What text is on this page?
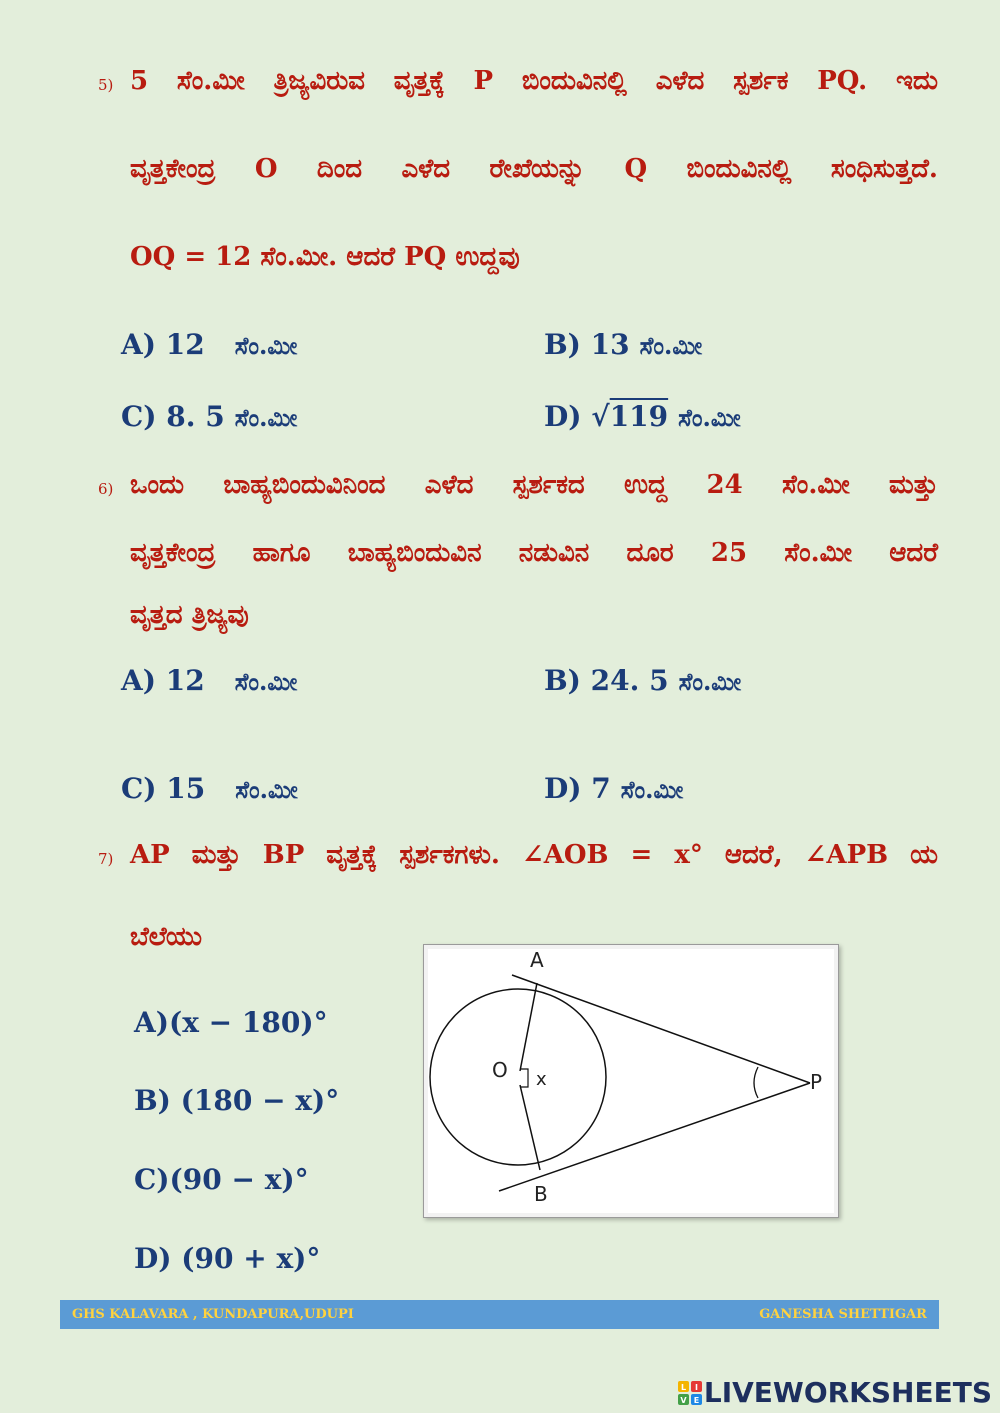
5) 5 ಸೆಂ.ಮೀ ತ್ರಿಜ್ಯವಿರುವ ವೃತ್ತಕ್ಕೆ P ಬಿಂದುವಿನಲ್ಲಿ ಎಳೆದ ಸ್ಪರ್ಶಕ PQ. ಇದು
ವೃತ್ತಕೇಂದ್ರ O ದಿಂದ ಎಳೆದ ರೇಖೆಯನ್ನು Q ಬಿಂದುವಿನಲ್ಲಿ ಸಂಧಿಸುತ್ತದೆ.
OQ = 12 ಸೆಂ.ಮೀ. ಆದರೆ PQ ಉದ್ದವು
A) 12 ಸೆಂ.ಮೀ	B) 13 ಸೆಂ.ಮೀ
C) 8. 5 ಸೆಂ.ಮೀ	D) √119 ಸೆಂ.ಮೀ
6) ಒಂದು ಬಾಹ್ಯಬಿಂದುವಿನಿಂದ ಎಳೆದ ಸ್ಪರ್ಶಕದ ಉದ್ದ 24 ಸೆಂ.ಮೀ ಮತ್ತು
ವೃತ್ತಕೇಂದ್ರ ಹಾಗೂ ಬಾಹ್ಯಬಿಂದುವಿನ ನಡುವಿನ ದೂರ 25 ಸೆಂ.ಮೀ ಆದರೆ
ವೃತ್ತದ ತ್ರಿಜ್ಯವು
A) 12 ಸೆಂ.ಮೀ	B) 24. 5 ಸೆಂ.ಮೀ
C) 15 ಸೆಂ.ಮೀ	D) 7 ಸೆಂ.ಮೀ
7) AP ಮತ್ತು BP ವೃತ್ತಕ್ಕೆ ಸ್ಪರ್ಶಕಗಳು. ∠AOB = x° ಆದರೆ, ∠APB ಯ
ಬೆಲೆಯು
A)(x − 180)°
B) (180 − x)°
C)(90 − x)°
D) (90 + x)°
A
B
O x	P
GHS KALAVARA , KUNDAPURA,UDUPI	GANESHA SHETTIGAR
L I
V E LIVEWORKSHEETS
